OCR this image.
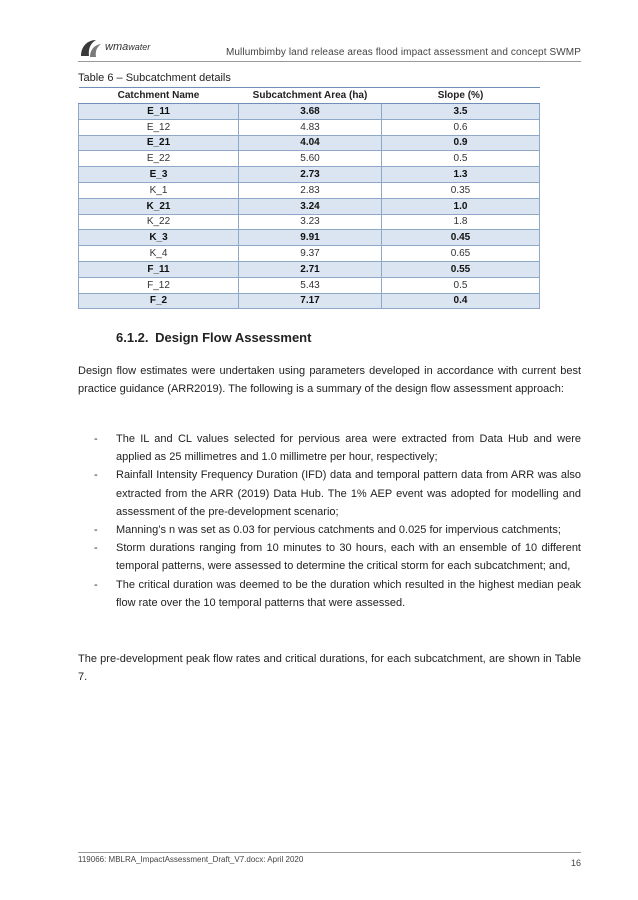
wmawater	Mullumbimby land release areas flood impact assessment and concept SWMP
Table 6 – Subcatchment details
Catchment Name	Subcatchment Area (ha)	Slope (%)
E_11	3.68	3.5
E_12	4.83	0.6
E_21	4.04	0.9
E_22	5.60	0.5
E_3	2.73	1.3
K_1	2.83	0.35
K_21	3.24	1.0
K_22	3.23	1.8
K_3	9.91	0.45
K_4	9.37	0.65
F_11	2.71	0.55
F_12	5.43	0.5
F_2	7.17	0.4
6.1.2. Design Flow Assessment

Design flow estimates were undertaken using parameters developed in accordance with current best practice guidance (ARR2019). The following is a summary of the design flow assessment approach:

- The IL and CL values selected for pervious area were extracted from Data Hub and were applied as 25 millimetres and 1.0 millimetre per hour, respectively;
- Rainfall Intensity Frequency Duration (IFD) data and temporal pattern data from ARR was also extracted from the ARR (2019) Data Hub. The 1% AEP event was adopted for modelling and assessment of the pre-development scenario;
- Manning’s n was set as 0.03 for pervious catchments and 0.025 for impervious catchments;
- Storm durations ranging from 10 minutes to 30 hours, each with an ensemble of 10 different temporal patterns, were assessed to determine the critical storm for each subcatchment; and,
- The critical duration was deemed to be the duration which resulted in the highest median peak flow rate over the 10 temporal patterns that were assessed.

The pre-development peak flow rates and critical durations, for each subcatchment, are shown in Table 7.

119066: MBLRA_ImpactAssessment_Draft_V7.docx: April 2020	16
